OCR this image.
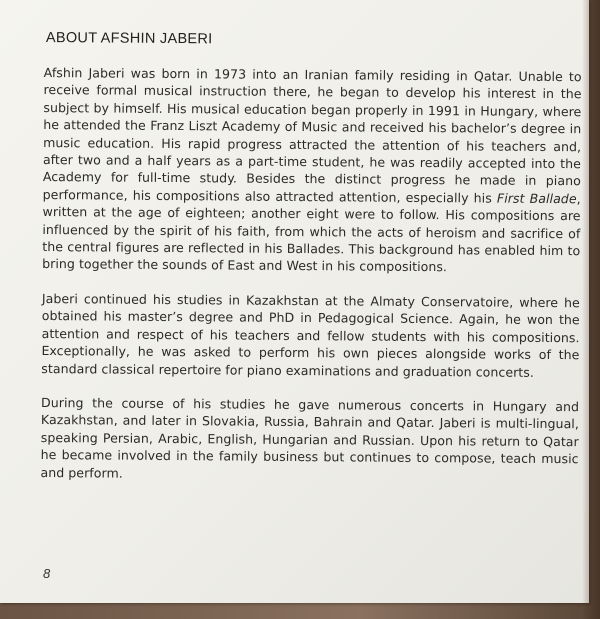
ABOUT AFSHIN JABERI

Afshin Jaberi was born in 1973 into an Iranian family residing in Qatar. Unable to receive formal musical instruction there, he began to develop his interest in the subject by himself. His musical education began properly in 1991 in Hungary, where he attended the Franz Liszt Academy of Music and received his bachelor’s degree in music education. His rapid progress attracted the attention of his teachers and, after two and a half years as a part-time student, he was readily accepted into the Academy for full-time study. Besides the distinct progress he made in piano performance, his compositions also attracted attention, especially his First Ballade, written at the age of eighteen; another eight were to follow. His compositions are influenced by the spirit of his faith, from which the acts of heroism and sacrifice of the central figures are reflected in his Ballades. This background has enabled him to bring together the sounds of East and West in his compositions.

Jaberi continued his studies in Kazakhstan at the Almaty Conservatoire, where he obtained his master’s degree and PhD in Pedagogical Science. Again, he won the attention and respect of his teachers and fellow students with his compositions. Exceptionally, he was asked to perform his own pieces alongside works of the standard classical repertoire for piano examinations and graduation concerts.

During the course of his studies he gave numerous concerts in Hungary and Kazakhstan, and later in Slovakia, Russia, Bahrain and Qatar. Jaberi is multi-lingual, speaking Persian, Arabic, English, Hungarian and Russian. Upon his return to Qatar he became involved in the family business but continues to compose, teach music and perform.

8
